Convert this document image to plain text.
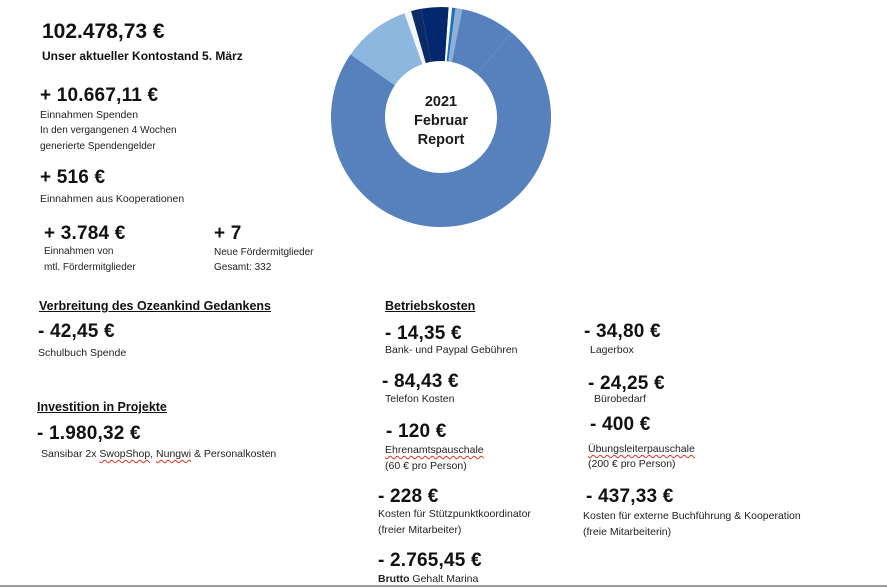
102.478,73 €
Unser aktueller Kontostand 5. März
+ 10.667,11 €
Einnahmen Spenden
In den vergangenen 4 Wochen
generierte Spendengelder
+ 516 €
Einnahmen aus Kooperationen
+ 3.784 €
Einnahmen von
mtl. Fördermitglieder
+ 7
Neue Fördermitglieder
Gesamt: 332
2021
Februar
Report
Verbreitung des Ozeankind Gedankens
- 42,45 €
Schulbuch Spende
Investition in Projekte
- 1.980,32 €
Sansibar 2x SwopShop, Nungwi & Personalkosten
Betriebskosten
- 14,35 €
Bank- und Paypal Gebühren
- 34,80 €
Lagerbox
- 84,43 €
Telefon Kosten
- 24,25 €
Bürobedarf
- 120 €
Ehrenamtspauschale
(60 € pro Person)
- 400 €
Übungsleiterpauschale
(200 € pro Person)
- 228 €
Kosten für Stützpunktkoordinator
(freier Mitarbeiter)
- 437,33 €
Kosten für externe Buchführung & Kooperation
(freie Mitarbeiterin)
- 2.765,45 €
Brutto Gehalt Marina
